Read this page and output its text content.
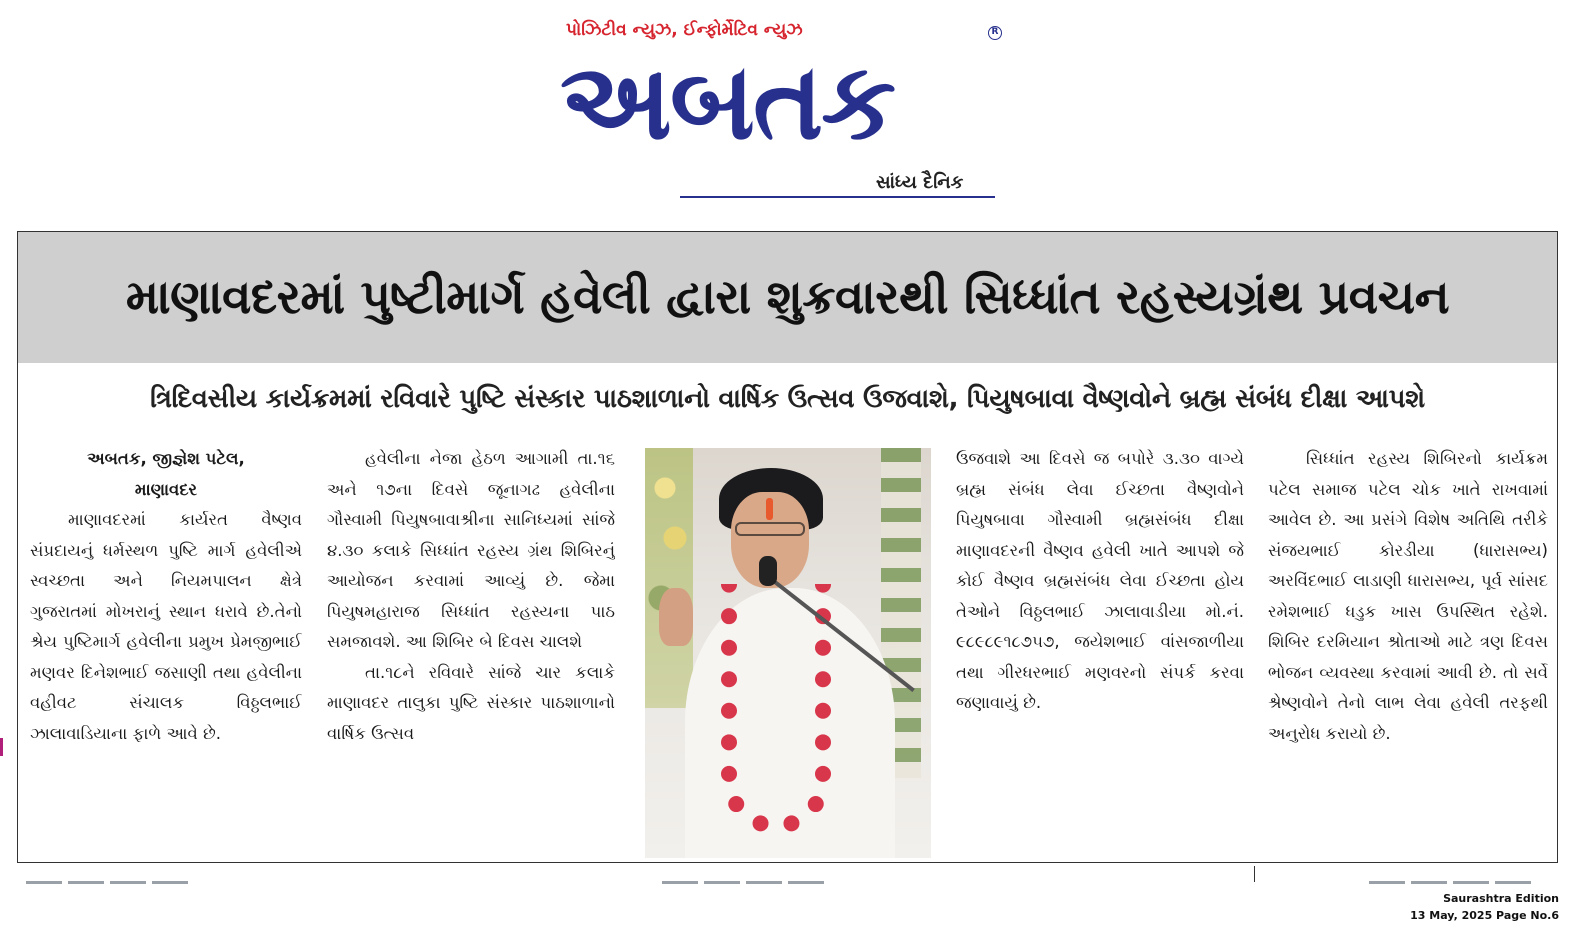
પોઝિટીવ ન્યુઝ, ઈન્ફોર્મેટિવ ન્યુઝ
અબતક
R
સાંધ્ય દૈનિક
માણાવદરમાં પુષ્ટીમાર્ગ હવેલી દ્વારા શુક્રવારથી સિધ્ધાંત રહસ્યગ્રંથ પ્રવચન
ત્રિદિવસીય કાર્યક્રમમાં રવિવારે પુષ્ટિ સંસ્કાર પાઠશાળાનો વાર્ષિક ઉત્સવ ઉજવાશે, પિયુષબાવા વૈષ્ણવોને બ્રહ્મ સંબંધ દીક્ષા આપશે
અબતક, જીજ્ઞેશ પટેલ,
માણાવદર

માણાવદરમાં કાર્યરત વૈષ્ણવ સંપ્રદાયનું ધર્મસ્થળ પુષ્ટિ માર્ગ હવેલીએ સ્વચ્છતા અને નિયમપાલન ક્ષેત્રે ગુજરાતમાં મોખરાનું સ્થાન ધરાવે છે.તેનો શ્રેય પુષ્ટિમાર્ગ હવેલીના પ્રમુખ પ્રેમજીભાઈ મણવર દિનેશભાઈ જસાણી તથા હવેલીના વહીવટ સંચાલક વિઠ્ઠલભાઈ ઝાલાવાડિયાના ફાળે આવે છે.

હવેલીના નેજા હેઠળ આગામી તા.૧૬ અને ૧૭ના દિવસે જૂનાગઢ હવેલીના ગૌસ્વામી પિયુષબાવાશ્રીના સાનિધ્યમાં સાંજે ૪.૩૦ કલાકે સિધ્ધાંત રહસ્ય ગ્રંથ શિબિરનું આયોજન કરવામાં આવ્યું છે. જેમા પિયુષમહારાજ સિધ્ધાંત રહસ્યના પાઠ સમજાવશે. આ શિબિર બે દિવસ ચાલશે

તા.૧૮ને રવિવારે સાંજે ચાર કલાકે માણાવદર તાલુકા પુષ્ટિ સંસ્કાર પાઠશાળાનો વાર્ષિક ઉત્સવ

ઉજવાશે આ દિવસે જ બપોરે ૩.૩૦ વાગ્યે બ્રહ્મ સંબંધ લેવા ઈચ્છતા વૈષ્ણવોને પિયુષબાવા ગૌસ્વામી બ્રહ્મસંબંધ દીક્ષા માણાવદરની વૈષ્ણવ હવેલી ખાતે આપશે જે કોઈ વૈષ્ણવ બ્રહ્મસંબંધ લેવા ઈચ્છતા હોય તેઓને વિઠ્ઠલભાઈ ઝાલાવાડીયા મો.નં. ૯૮૯૮૯૧૮૭૫૭, જયેશભાઈ વાંસજાળીયા તથા ગીરધરભાઈ મણવરનો સંપર્ક કરવા જણાવાયું છે.

સિધ્ધાંત રહસ્ય શિબિરનો કાર્યક્રમ પટેલ સમાજ પટેલ ચોક ખાતે રાખવામાં આવેલ છે. આ પ્રસંગે વિશેષ અતિથિ તરીકે સંજયભાઈ કોરડીયા (ધારાસભ્ય) અરવિંદભાઈ લાડાણી ધારાસભ્ય, પૂર્વ સાંસદ રમેશભાઈ ધડુક ખાસ ઉપસ્થિત રહેશે. શિબિર દરમિયાન શ્રોતાઓ માટે ત્રણ દિવસ ભોજન વ્યવસ્થા કરવામાં આવી છે. તો સર્વે શ્રેષ્ણવોને તેનો લાભ લેવા હવેલી તરફથી અનુરોધ કરાયો છે.

Saurashtra Edition
13 May, 2025 Page No.6
